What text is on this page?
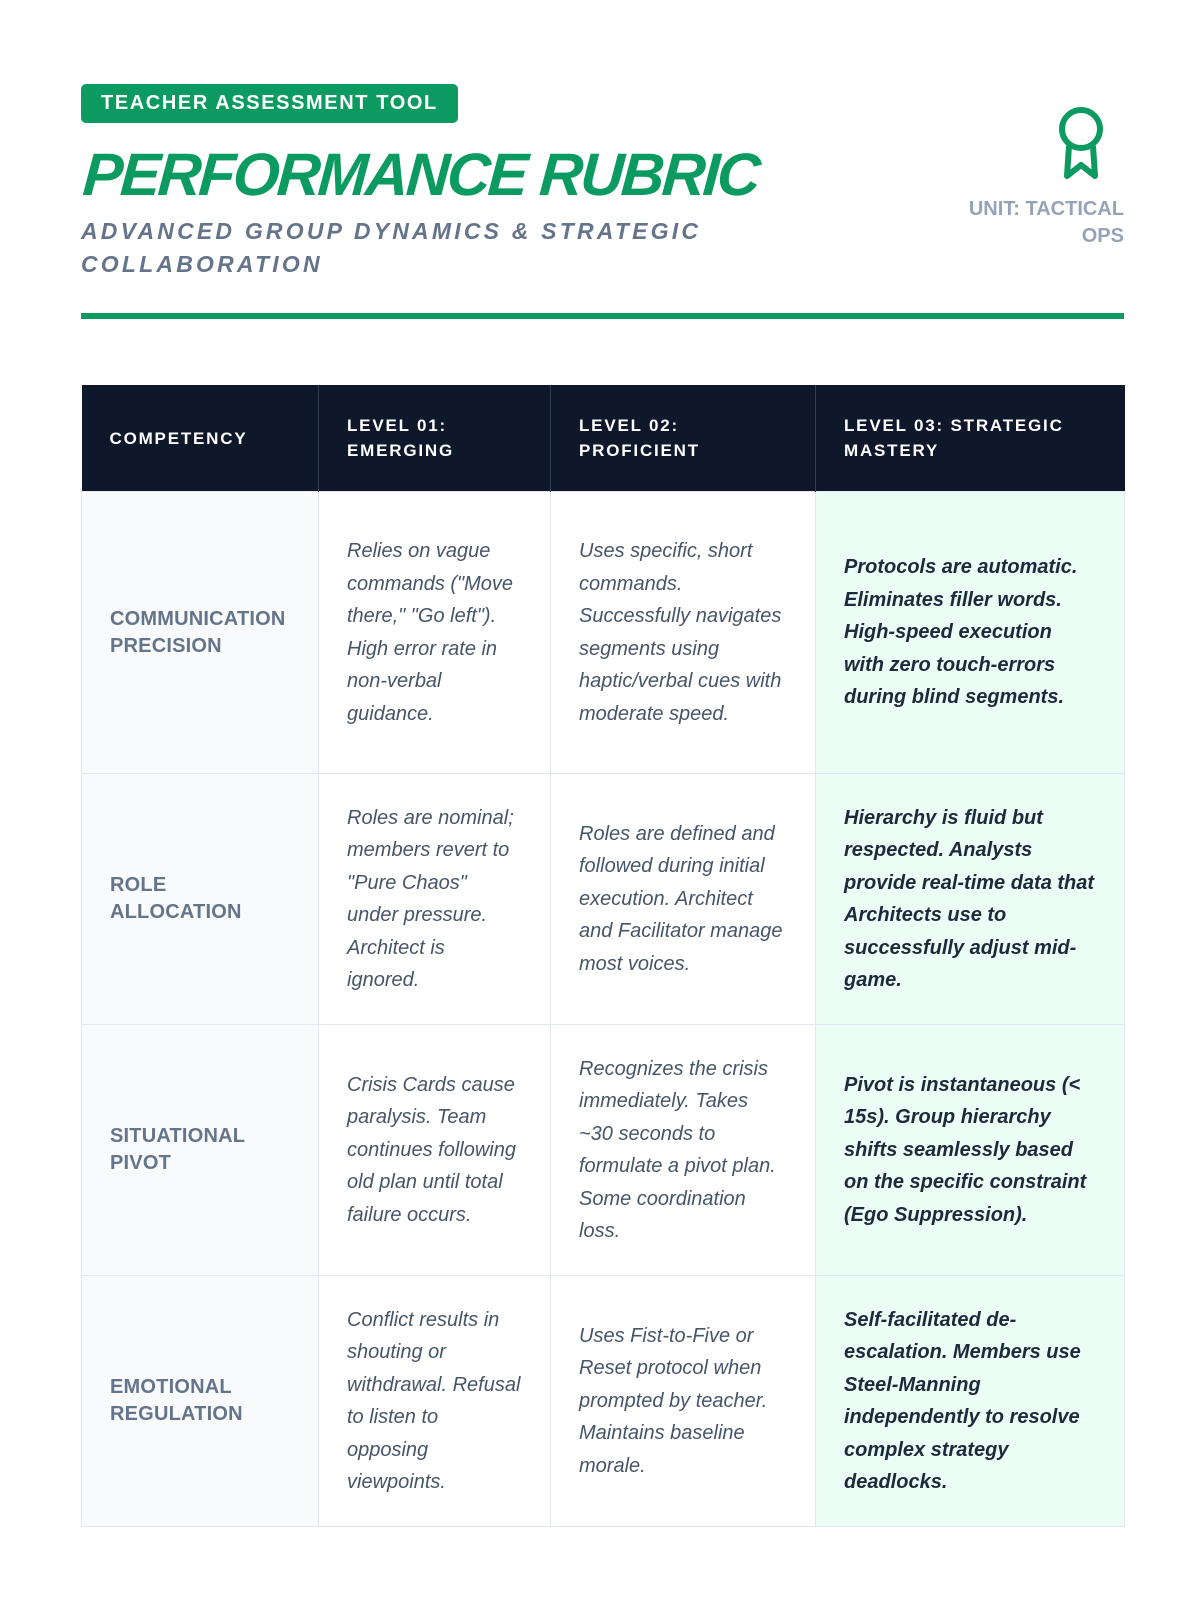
TEACHER ASSESSMENT TOOL
PERFORMANCE RUBRIC
ADVANCED GROUP DYNAMICS & STRATEGIC COLLABORATION
UNIT: TACTICAL
OPS
COMPETENCY	LEVEL 01: EMERGING	LEVEL 02: PROFICIENT	LEVEL 03: STRATEGIC MASTERY
COMMUNICATION PRECISION	Relies on vague commands ("Move there," "Go left"). High error rate in non-verbal guidance.	Uses specific, short commands. Successfully navigates segments using haptic/verbal cues with moderate speed.	Protocols are automatic. Eliminates filler words. High-speed execution with zero touch-errors during blind segments.
ROLE ALLOCATION	Roles are nominal; members revert to "Pure Chaos" under pressure. Architect is ignored.	Roles are defined and followed during initial execution. Architect and Facilitator manage most voices.	Hierarchy is fluid but respected. Analysts provide real-time data that Architects use to successfully adjust mid-game.
SITUATIONAL PIVOT	Crisis Cards cause paralysis. Team continues following old plan until total failure occurs.	Recognizes the crisis immediately. Takes ~30 seconds to formulate a pivot plan. Some coordination loss.	Pivot is instantaneous (< 15s). Group hierarchy shifts seamlessly based on the specific constraint (Ego Suppression).
EMOTIONAL REGULATION	Conflict results in shouting or withdrawal. Refusal to listen to opposing viewpoints.	Uses Fist-to-Five or Reset protocol when prompted by teacher. Maintains baseline morale.	Self-facilitated de-escalation. Members use Steel-Manning independently to resolve complex strategy deadlocks.
